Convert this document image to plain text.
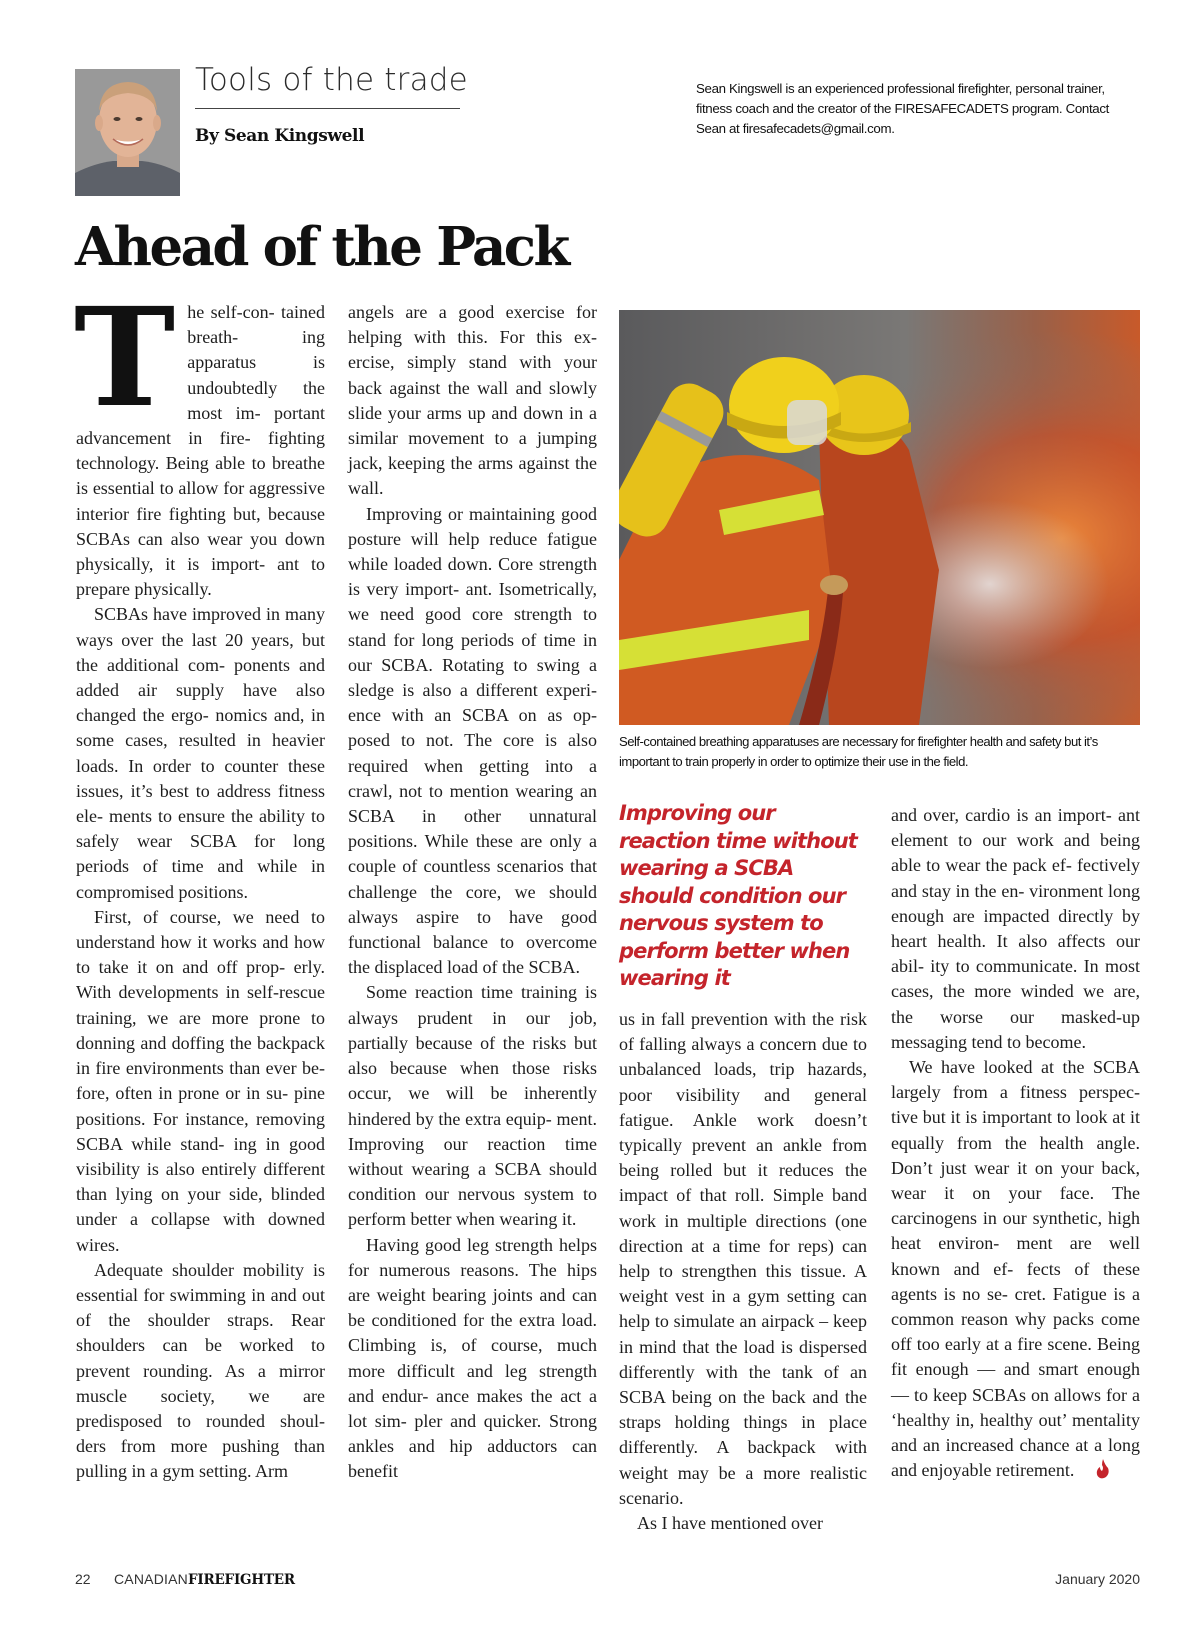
Tools of the trade
By Sean Kingswell
Sean Kingswell is an experienced professional firefighter, personal trainer, fitness coach and the creator of the FIRESAFECADETS program. Contact Sean at firesafecadets@gmail.com.
Ahead of the Pack

The self-con- tained breath- ing apparatus is undoubtedly the most im- portant advancement in fire- fighting technology. Being able to breathe is essential to allow for aggressive interior fire fighting but, because SCBAs can also wear you down physically, it is import- ant to prepare physically.

SCBAs have improved in many ways over the last 20 years, but the additional com- ponents and added air supply have also changed the ergo- nomics and, in some cases, resulted in heavier loads. In order to counter these issues, it’s best to address fitness ele- ments to ensure the ability to safely wear SCBA for long periods of time and while in compromised positions.

First, of course, we need to understand how it works and how to take it on and off prop- erly. With developments in self-rescue training, we are more prone to donning and doffing the backpack in fire environments than ever be- fore, often in prone or in su- pine positions. For instance, removing SCBA while stand- ing in good visibility is also entirely different than lying on your side, blinded under a collapse with downed wires.

Adequate shoulder mobility is essential for swimming in and out of the shoulder straps. Rear shoulders can be worked to prevent rounding. As a mirror muscle society, we are predisposed to rounded shoul- ders from more pushing than pulling in a gym setting. Arm

angels are a good exercise for helping with this. For this ex- ercise, simply stand with your back against the wall and slowly slide your arms up and down in a similar movement to a jumping jack, keeping the arms against the wall.

Improving or maintaining good posture will help reduce fatigue while loaded down. Core strength is very import- ant. Isometrically, we need good core strength to stand for long periods of time in our SCBA. Rotating to swing a sledge is also a different experi- ence with an SCBA on as op- posed to not. The core is also required when getting into a crawl, not to mention wearing an SCBA in other unnatural positions. While these are only a couple of countless scenarios that challenge the core, we should always aspire to have good functional balance to overcome the displaced load of the SCBA.

Some reaction time training is always prudent in our job, partially because of the risks but also because when those risks occur, we will be inherently hindered by the extra equip- ment. Improving our reaction time without wearing a SCBA should condition our nervous system to perform better when wearing it.

Having good leg strength helps for numerous reasons. The hips are weight bearing joints and can be conditioned for the extra load. Climbing is, of course, much more difficult and leg strength and endur- ance makes the act a lot sim- pler and quicker. Strong ankles and hip adductors can benefit

Self-contained breathing apparatuses are necessary for firefighter health and safety but it’s important to train properly in order to optimize their use in the field.
Improving our reaction time without wearing a SCBA should condition our nervous system to perform better when wearing it

us in fall prevention with the risk of falling always a concern due to unbalanced loads, trip hazards, poor visibility and general fatigue. Ankle work doesn’t typically prevent an ankle from being rolled but it reduces the impact of that roll. Simple band work in multiple directions (one direction at a time for reps) can help to strengthen this tissue. A weight vest in a gym setting can help to simulate an airpack – keep in mind that the load is dispersed differently with the tank of an SCBA being on the back and the straps holding things in place differently. A backpack with weight may be a more realistic scenario.

As I have mentioned over

and over, cardio is an import- ant element to our work and being able to wear the pack ef- fectively and stay in the en- vironment long enough are impacted directly by heart health. It also affects our abil- ity to communicate. In most cases, the more winded we are, the worse our masked-up messaging tend to become.

We have looked at the SCBA largely from a fitness perspec- tive but it is important to look at it equally from the health angle. Don’t just wear it on your back, wear it on your face. The carcinogens in our synthetic, high heat environ- ment are well known and ef- fects of these agents is no se- cret. Fatigue is a common reason why packs come off too early at a fire scene. Being fit enough — and smart enough — to keep SCBAs on allows for a ‘healthy in, healthy out’ mentality and an increased chance at a long and enjoyable retirement.

22 CANADIANFIREFIGHTER	January 2020
